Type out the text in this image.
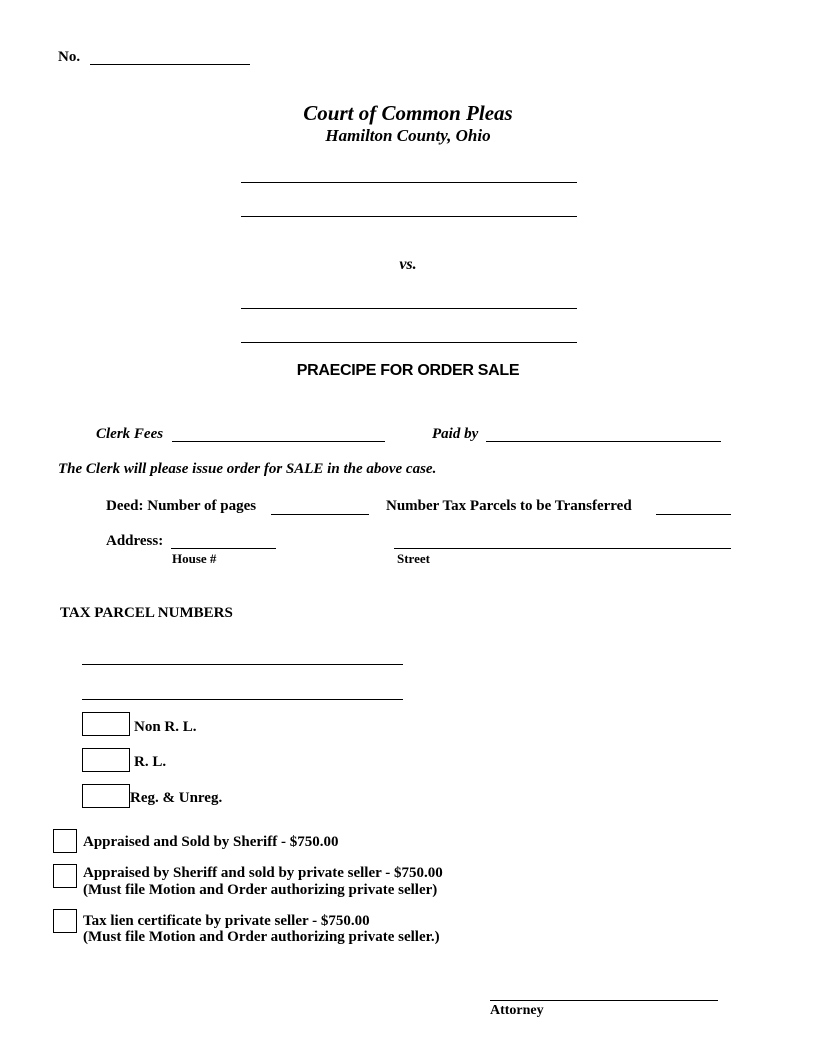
No.
Court of Common Pleas
Hamilton County, Ohio
vs.
PRAECIPE FOR ORDER SALE
Clerk Fees	Paid by
The Clerk will please issue order for SALE in the above case.
Deed: Number of pages	Number Tax Parcels to be Transferred
Address:
House #	Street
TAX PARCEL NUMBERS
Non R. L.
R. L.
Reg. & Unreg.
Appraised and Sold by Sheriff - $750.00
Appraised by Sheriff and sold by private seller - $750.00
(Must file Motion and Order authorizing private seller)
Tax lien certificate by private seller - $750.00
(Must file Motion and Order authorizing private seller.)
Attorney
